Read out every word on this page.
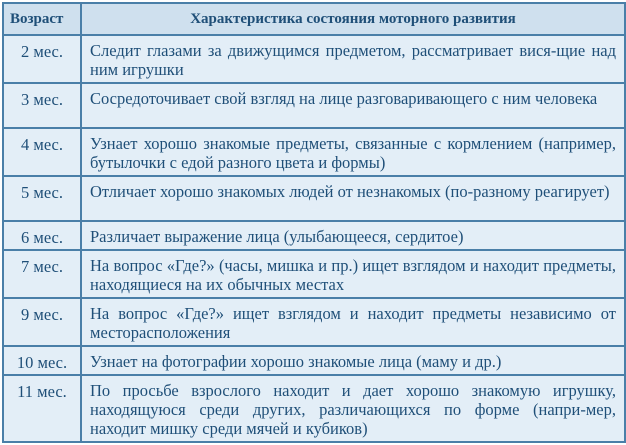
Возраст	Характеристика состояния моторного развития
2 мес.	Следит глазами за движущимся предметом, рассматривает вися-щие над ним игрушки
3 мес.	Сосредоточивает свой взгляд на лице разговаривающего с ним человека
4 мес.	Узнает хорошо знакомые предметы, связанные с кормлением (например, бутылочки с едой разного цвета и формы)
5 мес.	Отличает хорошо знакомых людей от незнакомых (по-разному реагирует)
6 мес.	Различает выражение лица (улыбающееся, сердитое)
7 мес.	На вопрос «Где?» (часы, мишка и пр.) ищет взглядом и находит предметы, находящиеся на их обычных местах
9 мес.	На вопрос «Где?» ищет взглядом и находит предметы независимо от месторасположения
10 мес.	Узнает на фотографии хорошо знакомые лица (маму и др.)
11 мес.	По просьбе взрослого находит и дает хорошо знакомую игрушку, находящуюся среди других, различающихся по форме (напри-мер, находит мишку среди мячей и кубиков)
